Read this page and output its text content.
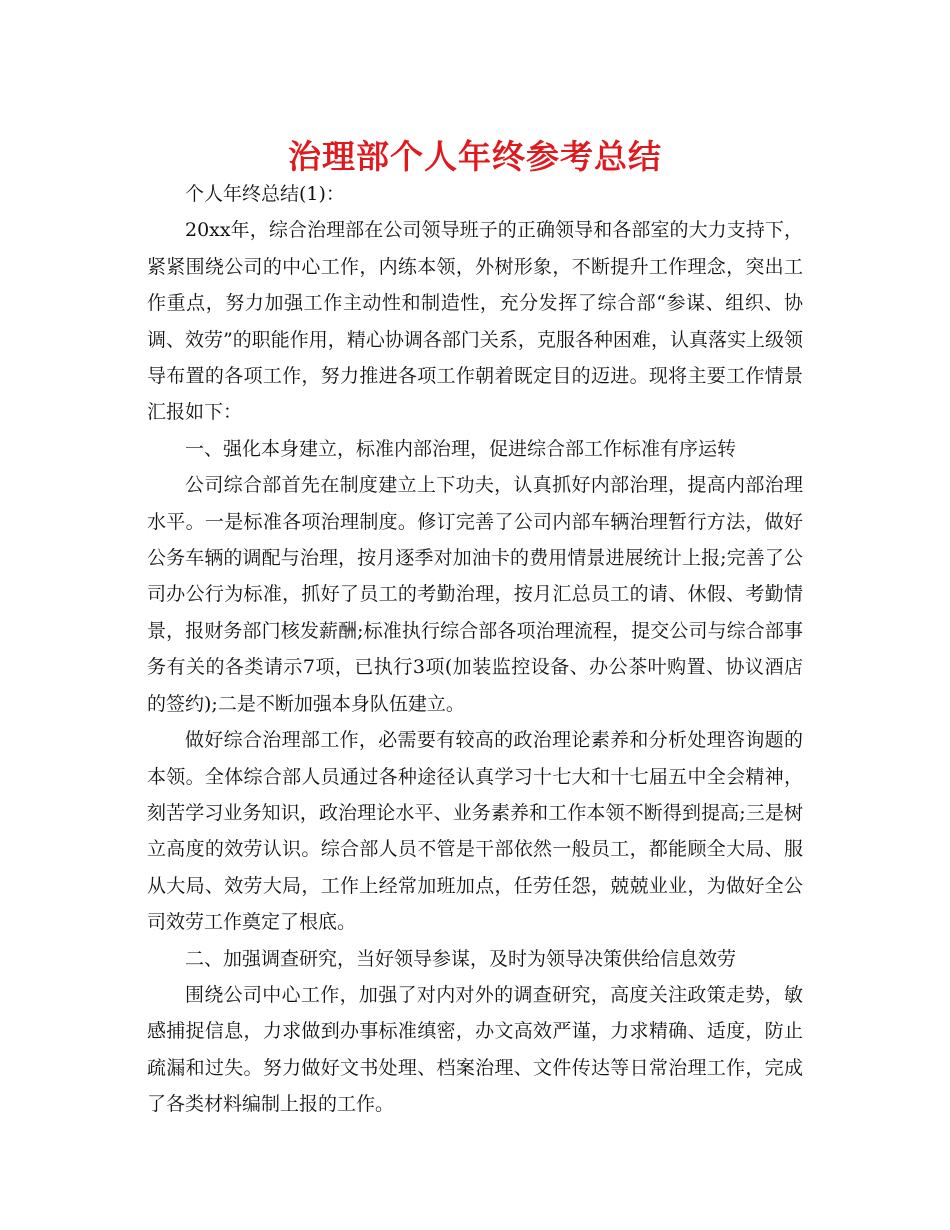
治理部个人年终参考总结

个人年终总结(1)：

20xx年，综合治理部在公司领导班子的正确领导和各部室的大力支持下，紧紧围绕公司的中心工作，内练本领，外树形象，不断提升工作理念，突出工作重点，努力加强工作主动性和制造性，充分发挥了综合部“参谋、组织、协调、效劳”的职能作用，精心协调各部门关系，克服各种困难，认真落实上级领导布置的各项工作，努力推进各项工作朝着既定目的迈进。现将主要工作情景汇报如下：

一、强化本身建立，标准内部治理，促进综合部工作标准有序运转

公司综合部首先在制度建立上下功夫，认真抓好内部治理，提高内部治理水平。一是标准各项治理制度。修订完善了公司内部车辆治理暂行方法，做好公务车辆的调配与治理，按月逐季对加油卡的费用情景进展统计上报;完善了公司办公行为标准，抓好了员工的考勤治理，按月汇总员工的请、休假、考勤情景，报财务部门核发薪酬;标准执行综合部各项治理流程，提交公司与综合部事务有关的各类请示7项，已执行3项(加装监控设备、办公茶叶购置、协议酒店的签约);二是不断加强本身队伍建立。

做好综合治理部工作，必需要有较高的政治理论素养和分析处理咨询题的本领。全体综合部人员通过各种途径认真学习十七大和十七届五中全会精神，刻苦学习业务知识，政治理论水平、业务素养和工作本领不断得到提高;三是树立高度的效劳认识。综合部人员不管是干部依然一般员工，都能顾全大局、服从大局、效劳大局，工作上经常加班加点，任劳任怨，兢兢业业，为做好全公司效劳工作奠定了根底。

二、加强调查研究，当好领导参谋，及时为领导决策供给信息效劳

围绕公司中心工作，加强了对内对外的调查研究，高度关注政策走势，敏感捕捉信息，力求做到办事标准缜密，办文高效严谨，力求精确、适度，防止疏漏和过失。努力做好文书处理、档案治理、文件传达等日常治理工作，完成了各类材料编制上报的工作。
